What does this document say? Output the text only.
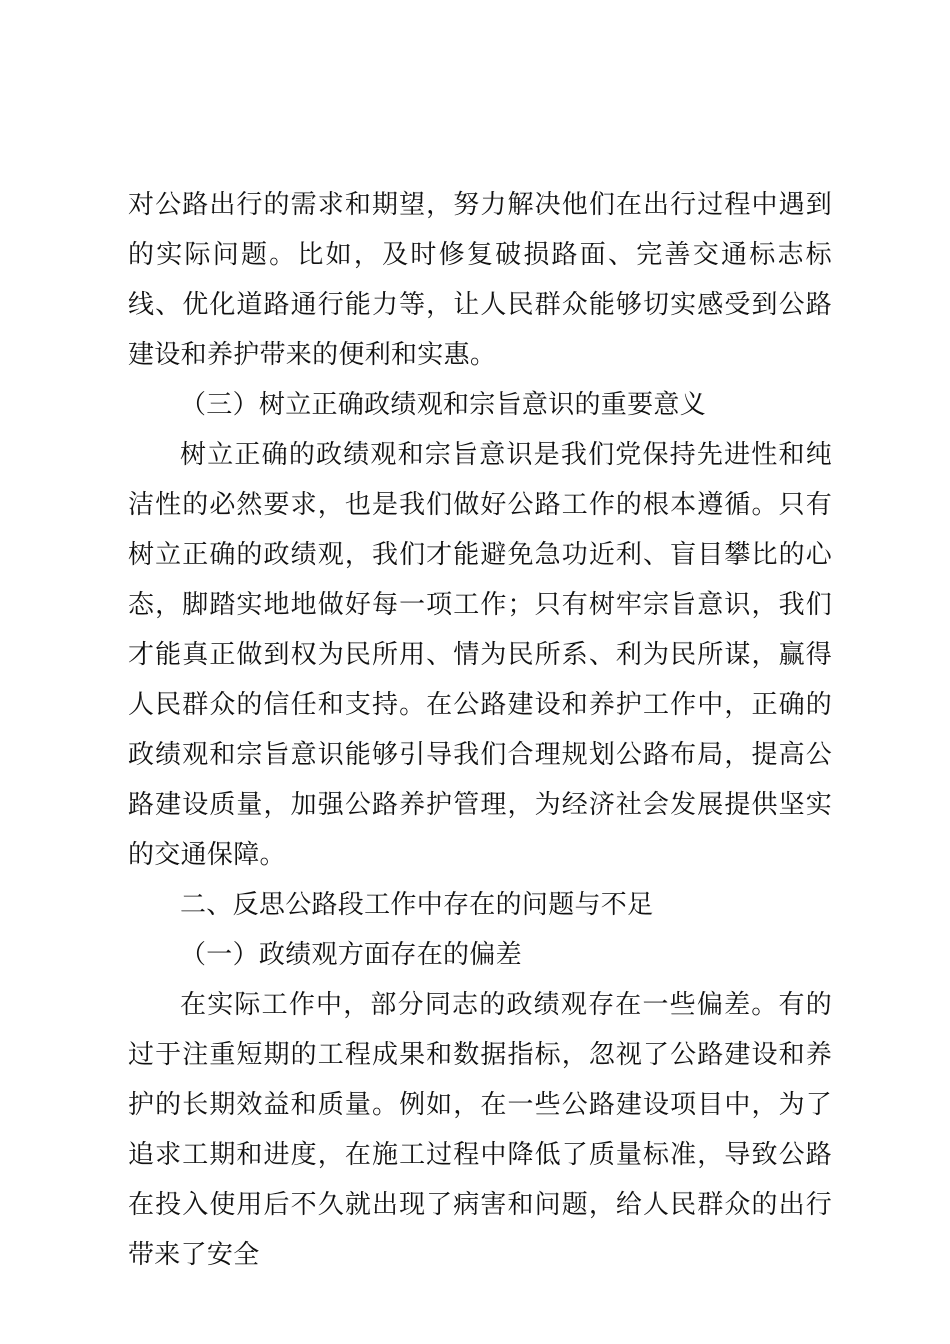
对公路出行的需求和期望，努力解决他们在出行过程中遇到的实际问题。比如，及时修复破损路面、完善交通标志标线、优化道路通行能力等，让人民群众能够切实感受到公路建设和养护带来的便利和实惠。

（三）树立正确政绩观和宗旨意识的重要意义

树立正确的政绩观和宗旨意识是我们党保持先进性和纯洁性的必然要求，也是我们做好公路工作的根本遵循。只有树立正确的政绩观，我们才能避免急功近利、盲目攀比的心态，脚踏实地地做好每一项工作；只有树牢宗旨意识，我们才能真正做到权为民所用、情为民所系、利为民所谋，赢得人民群众的信任和支持。在公路建设和养护工作中，正确的政绩观和宗旨意识能够引导我们合理规划公路布局，提高公路建设质量，加强公路养护管理，为经济社会发展提供坚实的交通保障。

二、反思公路段工作中存在的问题与不足

（一）政绩观方面存在的偏差

在实际工作中，部分同志的政绩观存在一些偏差。有的过于注重短期的工程成果和数据指标，忽视了公路建设和养护的长期效益和质量。例如，在一些公路建设项目中，为了追求工期和进度，在施工过程中降低了质量标准，导致公路在投入使用后不久就出现了病害和问题，给人民群众的出行带来了安全
